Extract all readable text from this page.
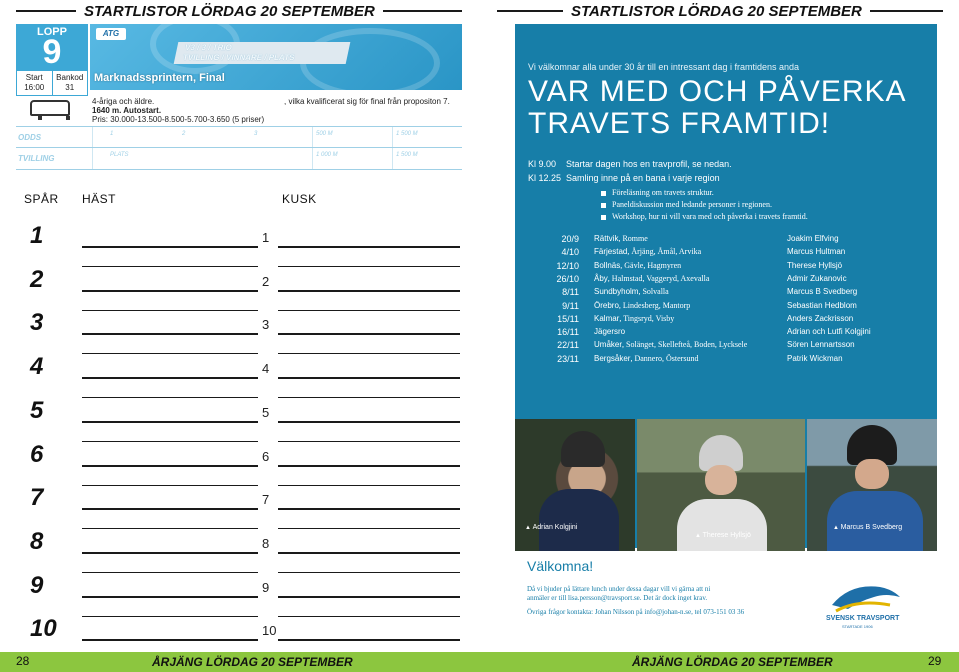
STARTLISTOR LÖRDAG 20 SEPTEMBER	STARTLISTOR LÖRDAG 20 SEPTEMBER
LOPP
9
Start
16:00
Bankod
31
ATG
V3 / 3 / TRIO
TVILLING / VINNARE / PLATS
Marknadssprintern, Final
4-åriga och äldre.
1640 m. Autostart.
Pris: 30.000-13.500-8.500-5.700-3.650 (5 priser)
, vilka kvalificerat sig för final från propositon 7.
ODDS	1	2	3	500 M	1 500 M
TVILLING	PLATS	1 000 M	1 500 M
SPÅR HÄST	KUSK
1	1
2	2
3	3
4	4
5	5
6	6
7	7
8	8
9	9
10	10
Vi välkomnar alla under 30 år till en intressant dag i framtidens anda
VAR MED OCH PÅVERKA
TRAVETS FRAMTID!
Kl 9.00 Startar dagen hos en travprofil, se nedan.
Kl 12.25 Samling inne på en bana i varje region
Föreläsning om travets struktur.
Paneldiskussion med ledande personer i regionen.
Workshop, hur ni vill vara med och påverka i travets framtid.
20/9 Rättvik, Romme	Joakim Elfving
4/10 Färjestad, Årjäng, Åmål, Arvika	Marcus Hultman
12/10 Bollnäs, Gävle, Hagmyren	Therese Hyllsjö
26/10 Åby, Halmstad, Vaggeryd, Axevalla	Admir Zukanovic
8/11 Sundbyholm, Solvalla	Marcus B Svedberg
9/11 Örebro, Lindesberg, Mantorp	Sebastian Hedblom
15/11 Kalmar, Tingsryd, Visby	Anders Zackrisson
16/11 Jägersro	Adrian och Lutfi Kolgjini
22/11 Umåker, Solänget, Skellefteå, Boden, Lycksele	Sören Lennartsson
23/11 Bergsåker, Dannero, Östersund	Patrik Wickman
▲ Adrian Kolgjini
▲ Therese Hyllsjö
▲ Marcus B Svedberg
Välkomna!
Då vi bjuder på lättare lunch under dessa dagar vill vi gärna att ni
anmäler er till lisa.persson@travsport.se. Det är dock inget krav.
Övriga frågor kontakta: Johan Nilsson på info@johan-n.se, tel 073-151 03 36
SVENSK TRAVSPORT
STARTADE 1906
28	ÅRJÄNG LÖRDAG 20 SEPTEMBER	ÅRJÄNG LÖRDAG 20 SEPTEMBER	29
